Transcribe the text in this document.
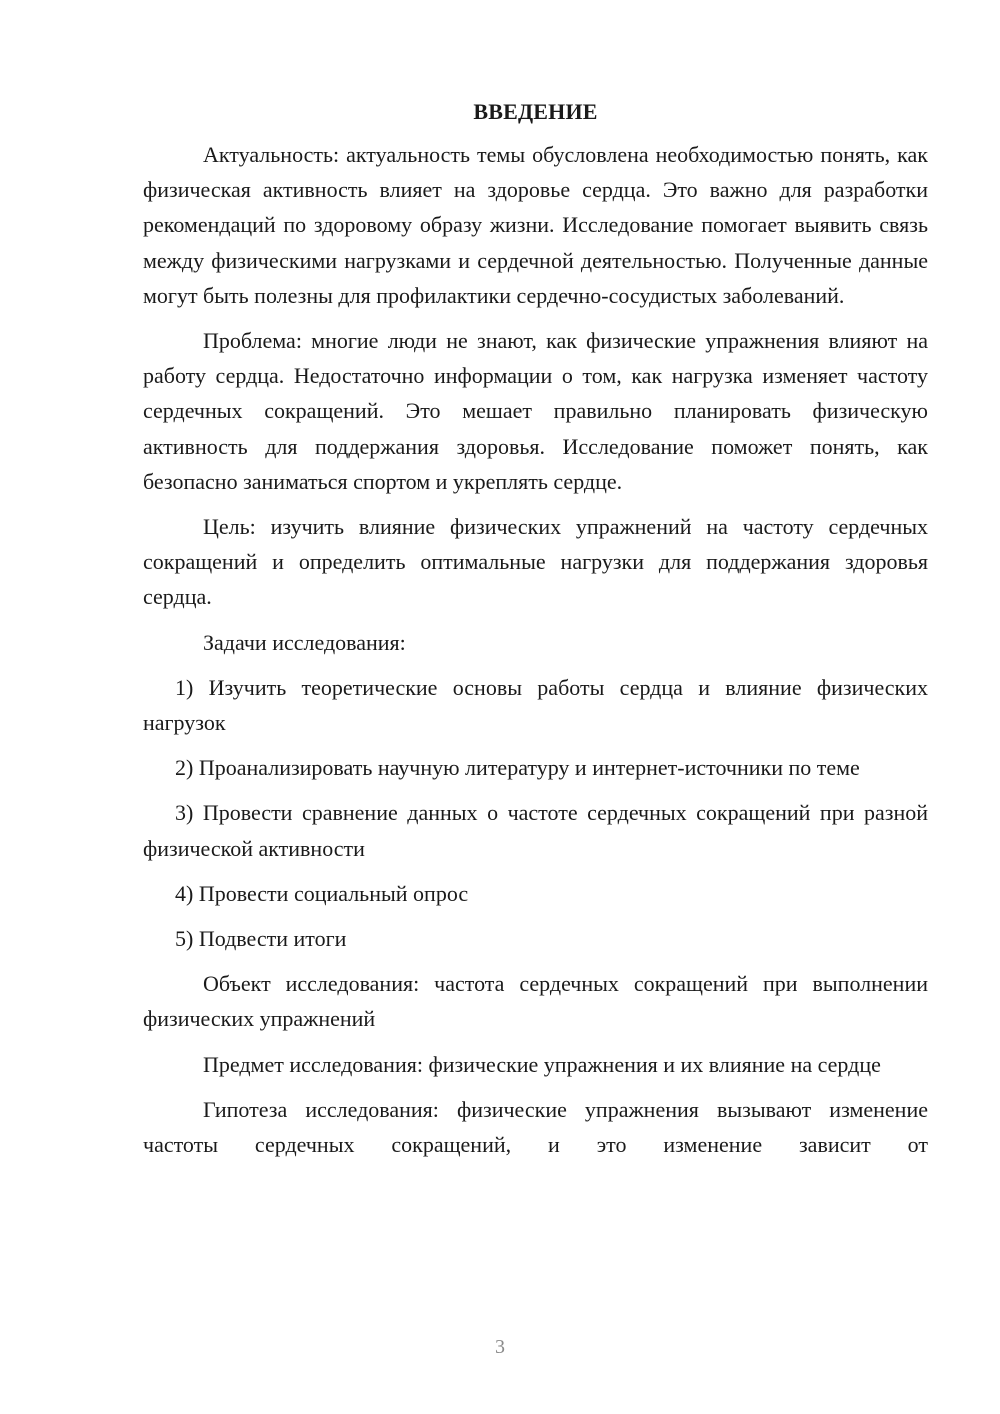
ВВЕДЕНИЕ

Актуальность: актуальность темы обусловлена необходимостью понять, как физическая активность влияет на здоровье сердца. Это важно для разработки рекомендаций по здоровому образу жизни. Исследование помогает выявить связь между физическими нагрузками и сердечной деятельностью. Полученные данные могут быть полезны для профилактики сердечно-сосудистых заболеваний.

Проблема: многие люди не знают, как физические упражнения влияют на работу сердца. Недостаточно информации о том, как нагрузка изменяет частоту сердечных сокращений. Это мешает правильно планировать физическую активность для поддержания здоровья. Исследование поможет понять, как безопасно заниматься спортом и укреплять сердце.

Цель: изучить влияние физических упражнений на частоту сердечных сокращений и определить оптимальные нагрузки для поддержания здоровья сердца.

Задачи исследования:

1) Изучить теоретические основы работы сердца и влияние физических нагрузок

2) Проанализировать научную литературу и интернет-источники по теме

3) Провести сравнение данных о частоте сердечных сокращений при разной физической активности

4) Провести социальный опрос

5) Подвести итоги

Объект исследования: частота сердечных сокращений при выполнении физических упражнений

Предмет исследования: физические упражнения и их влияние на сердце

Гипотеза исследования: физические упражнения вызывают изменение частоты сердечных сокращений, и это изменение зависит от

3
